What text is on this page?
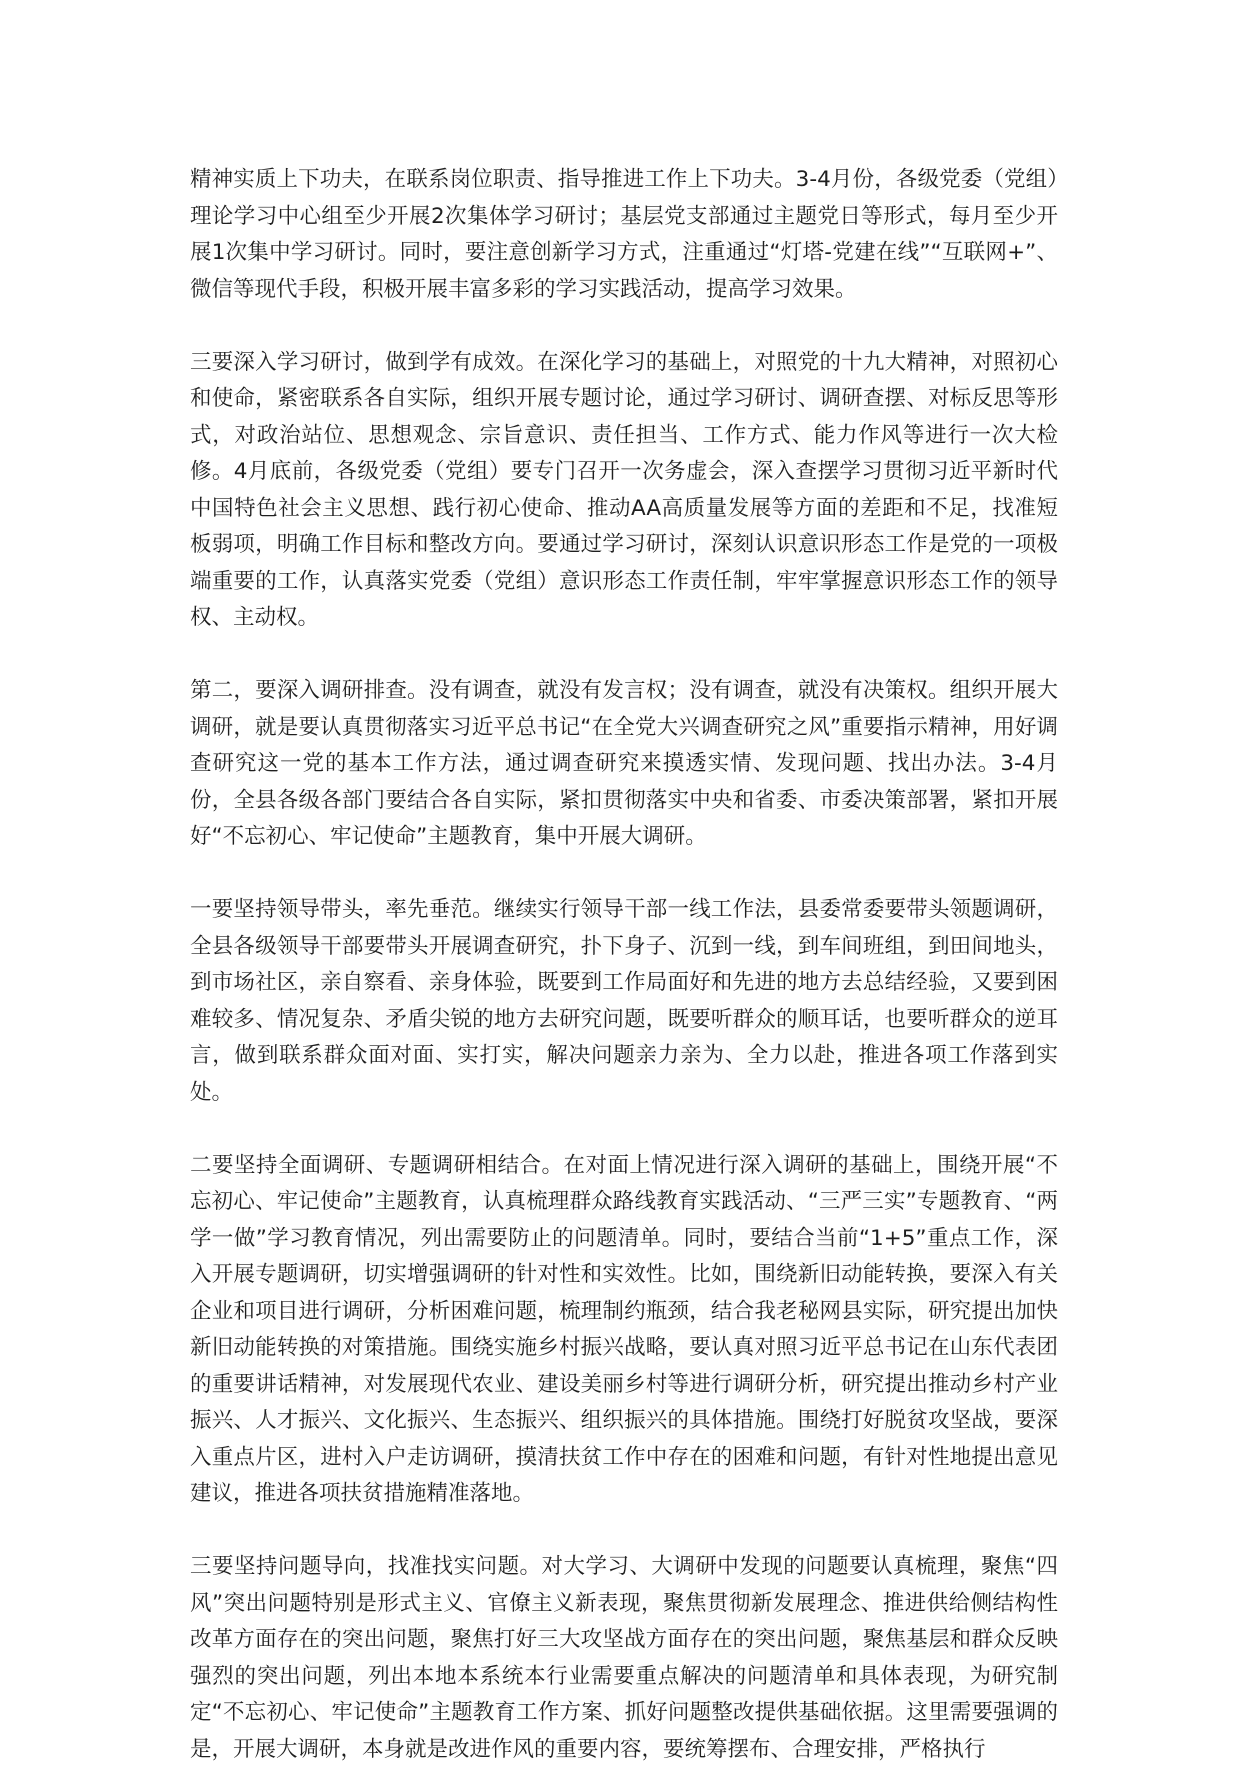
精神实质上下功夫，在联系岗位职责、指导推进工作上下功夫。3-4月份，各级党委（党组）理论学习中心组至少开展2次集体学习研讨；基层党支部通过主题党日等形式，每月至少开展1次集中学习研讨。同时，要注意创新学习方式，注重通过“灯塔-党建在线”“互联网+”、微信等现代手段，积极开展丰富多彩的学习实践活动，提高学习效果。

三要深入学习研讨，做到学有成效。在深化学习的基础上，对照党的十九大精神，对照初心和使命，紧密联系各自实际，组织开展专题讨论，通过学习研讨、调研查摆、对标反思等形式，对政治站位、思想观念、宗旨意识、责任担当、工作方式、能力作风等进行一次大检修。4月底前，各级党委（党组）要专门召开一次务虚会，深入查摆学习贯彻习近平新时代中国特色社会主义思想、践行初心使命、推动AA高质量发展等方面的差距和不足，找准短板弱项，明确工作目标和整改方向。要通过学习研讨，深刻认识意识形态工作是党的一项极端重要的工作，认真落实党委（党组）意识形态工作责任制，牢牢掌握意识形态工作的领导权、主动权。

第二，要深入调研排查。没有调查，就没有发言权；没有调查，就没有决策权。组织开展大调研，就是要认真贯彻落实习近平总书记“在全党大兴调查研究之风”重要指示精神，用好调查研究这一党的基本工作方法，通过调查研究来摸透实情、发现问题、找出办法。3-4月份，全县各级各部门要结合各自实际，紧扣贯彻落实中央和省委、市委决策部署，紧扣开展好“不忘初心、牢记使命”主题教育，集中开展大调研。

一要坚持领导带头，率先垂范。继续实行领导干部一线工作法，县委常委要带头领题调研，全县各级领导干部要带头开展调查研究，扑下身子、沉到一线，到车间班组，到田间地头，到市场社区，亲自察看、亲身体验，既要到工作局面好和先进的地方去总结经验，又要到困难较多、情况复杂、矛盾尖锐的地方去研究问题，既要听群众的顺耳话，也要听群众的逆耳言，做到联系群众面对面、实打实，解决问题亲力亲为、全力以赴，推进各项工作落到实处。

二要坚持全面调研、专题调研相结合。在对面上情况进行深入调研的基础上，围绕开展“不忘初心、牢记使命”主题教育，认真梳理群众路线教育实践活动、“三严三实”专题教育、“两学一做”学习教育情况，列出需要防止的问题清单。同时，要结合当前“1+5”重点工作，深入开展专题调研，切实增强调研的针对性和实效性。比如，围绕新旧动能转换，要深入有关企业和项目进行调研，分析困难问题，梳理制约瓶颈，结合我老秘网县实际，研究提出加快新旧动能转换的对策措施。围绕实施乡村振兴战略，要认真对照习近平总书记在山东代表团的重要讲话精神，对发展现代农业、建设美丽乡村等进行调研分析，研究提出推动乡村产业振兴、人才振兴、文化振兴、生态振兴、组织振兴的具体措施。围绕打好脱贫攻坚战，要深入重点片区，进村入户走访调研，摸清扶贫工作中存在的困难和问题，有针对性地提出意见建议，推进各项扶贫措施精准落地。

三要坚持问题导向，找准找实问题。对大学习、大调研中发现的问题要认真梳理，聚焦“四风”突出问题特别是形式主义、官僚主义新表现，聚焦贯彻新发展理念、推进供给侧结构性改革方面存在的突出问题，聚焦打好三大攻坚战方面存在的突出问题，聚焦基层和群众反映强烈的突出问题，列出本地本系统本行业需要重点解决的问题清单和具体表现，为研究制定“不忘初心、牢记使命”主题教育工作方案、抓好问题整改提供基础依据。这里需要强调的是，开展大调研，本身就是改进作风的重要内容，要统筹摆布、合理安排，严格执行
